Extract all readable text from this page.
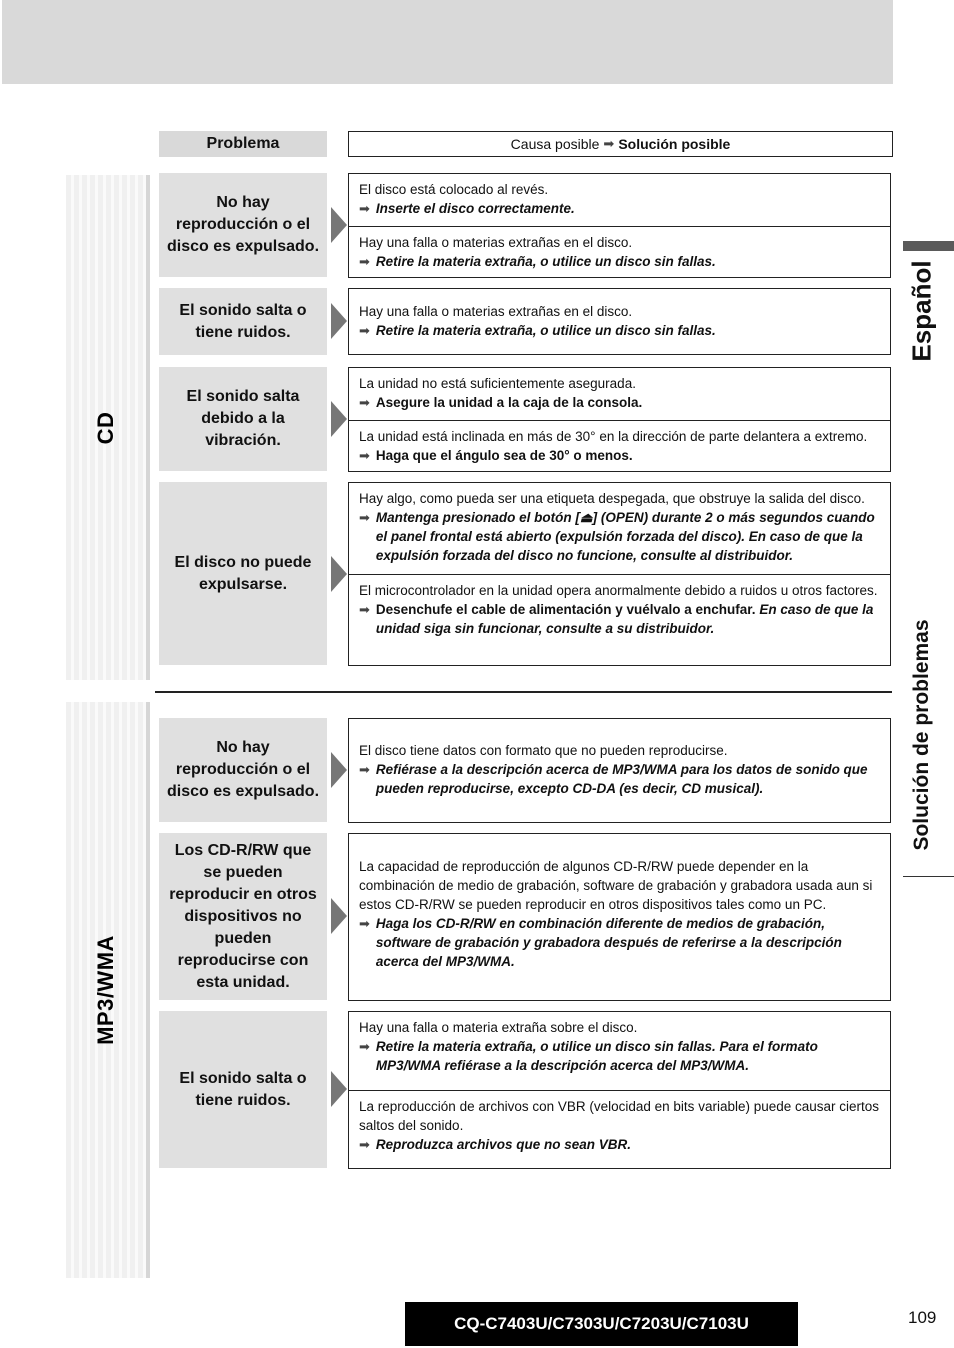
Problema	Causa posible ➡ Solución posible
CD
MP3/WMA
No hay reproducción o el disco es expulsado.
El disco está colocado al revés.
➡ Inserte el disco correctamente.
Hay una falla o materias extrañas en el disco.
➡ Retire la materia extraña, o utilice un disco sin fallas.
El sonido salta o tiene ruidos.
Hay una falla o materias extrañas en el disco.
➡ Retire la materia extraña, o utilice un disco sin fallas.
El sonido salta debido a la vibración.
La unidad no está suficientemente asegurada.
➡ Asegure la unidad a la caja de la consola.
La unidad está inclinada en más de 30° en la dirección de parte delantera a extremo.
➡ Haga que el ángulo sea de 30° o menos.
El disco no puede expulsarse.
Hay algo, como pueda ser una etiqueta despegada, que obstruye la salida del disco.
➡ Mantenga presionado el botón [⏏] (OPEN) durante 2 o más segundos cuando el panel frontal está abierto (expulsión forzada del disco). En caso de que la expulsión forzada del disco no funcione, consulte al distribuidor.
El microcontrolador en la unidad opera anormalmente debido a ruidos u otros factores.
➡ Desenchufe el cable de alimentación y vuélvalo a enchufar. En caso de que la unidad siga sin funcionar, consulte a su distribuidor.
No hay reproducción o el disco es expulsado.
El disco tiene datos con formato que no pueden reproducirse.
➡ Refiérase a la descripción acerca de MP3/WMA para los datos de sonido que pueden reproducirse, excepto CD-DA (es decir, CD musical).
Los CD-R/RW que se pueden reproducir en otros dispositivos no pueden reproducirse con esta unidad.
La capacidad de reproducción de algunos CD-R/RW puede depender en la combinación de medio de grabación, software de grabación y grabadora usada aun si estos CD-R/RW se pueden reproducir en otros dispositivos tales como un PC.
➡ Haga los CD-R/RW en combinación diferente de medios de grabación, software de grabación y grabadora después de referirse a la descripción acerca del MP3/WMA.
El sonido salta o tiene ruidos.
Hay una falla o materia extraña sobre el disco.
➡ Retire la materia extraña, o utilice un disco sin fallas. Para el formato MP3/WMA refiérase a la descripción acerca del MP3/WMA.
La reproducción de archivos con VBR (velocidad en bits variable) puede causar ciertos saltos del sonido.
➡ Reproduzca archivos que no sean VBR.
Español
Solución de problemas
CQ-C7403U/C7303U/C7203U/C7103U	109
